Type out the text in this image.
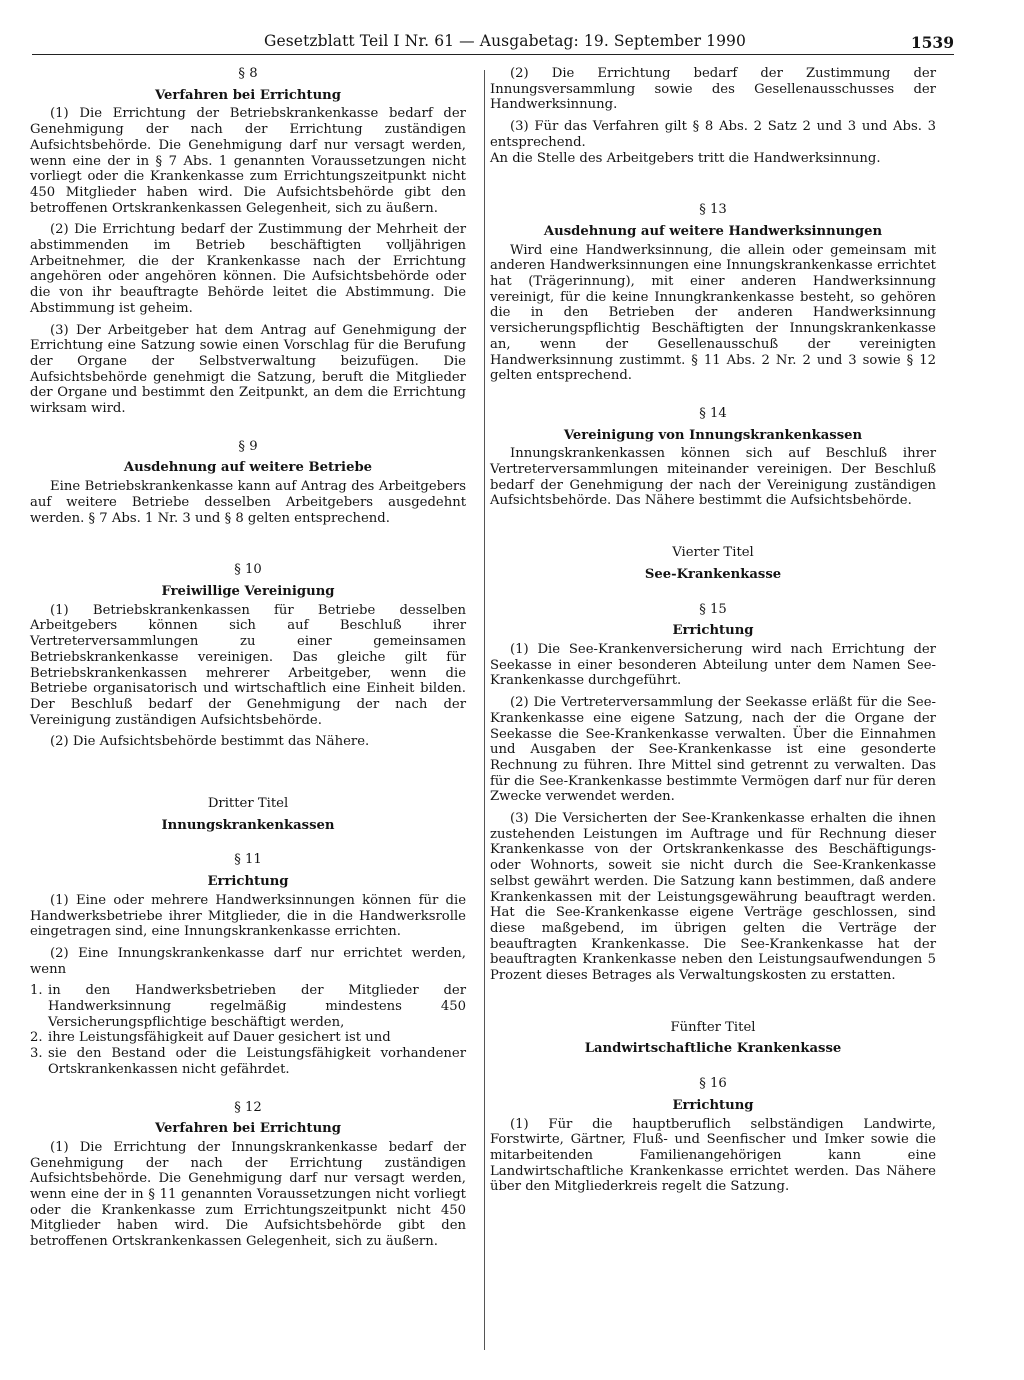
Gesetzblatt Teil I Nr. 61 — Ausgabetag: 19. September 1990	1539
§ 8
Verfahren bei Errichtung

(1) Die Errichtung der Betriebskrankenkasse bedarf der Genehmigung der nach der Errichtung zuständigen Aufsichtsbehörde. Die Genehmigung darf nur versagt werden, wenn eine der in § 7 Abs. 1 genannten Voraussetzungen nicht vorliegt oder die Krankenkasse zum Errichtungszeitpunkt nicht 450 Mitglieder haben wird. Die Aufsichtsbehörde gibt den betroffenen Ortskrankenkassen Gelegenheit, sich zu äußern.

(2) Die Errichtung bedarf der Zustimmung der Mehrheit der abstimmenden im Betrieb beschäftigten volljährigen Arbeitnehmer, die der Krankenkasse nach der Errichtung angehören oder angehören können. Die Aufsichtsbehörde oder die von ihr beauftragte Behörde leitet die Abstimmung. Die Abstimmung ist geheim.

(3) Der Arbeitgeber hat dem Antrag auf Genehmigung der Errichtung eine Satzung sowie einen Vorschlag für die Berufung der Organe der Selbstverwaltung beizufügen. Die Aufsichtsbehörde genehmigt die Satzung, beruft die Mitglieder der Organe und bestimmt den Zeitpunkt, an dem die Errichtung wirksam wird.

§ 9
Ausdehnung auf weitere Betriebe

Eine Betriebskrankenkasse kann auf Antrag des Arbeitgebers auf weitere Betriebe desselben Arbeitgebers ausgedehnt werden. § 7 Abs. 1 Nr. 3 und § 8 gelten entsprechend.

§ 10
Freiwillige Vereinigung

(1) Betriebskrankenkassen für Betriebe desselben Arbeitgebers können sich auf Beschluß ihrer Vertreterversammlungen zu einer gemeinsamen Betriebskrankenkasse vereinigen. Das gleiche gilt für Betriebskrankenkassen mehrerer Arbeitgeber, wenn die Betriebe organisatorisch und wirtschaftlich eine Einheit bilden. Der Beschluß bedarf der Genehmigung der nach der Vereinigung zuständigen Aufsichtsbehörde.

(2) Die Aufsichtsbehörde bestimmt das Nähere.

Dritter Titel
Innungskrankenkassen
§ 11
Errichtung

(1) Eine oder mehrere Handwerksinnungen können für die Handwerksbetriebe ihrer Mitglieder, die in die Handwerksrolle eingetragen sind, eine Innungskrankenkasse errichten.

(2) Eine Innungskrankenkasse darf nur errichtet werden, wenn

1. in den Handwerksbetrieben der Mitglieder der Handwerksinnung regelmäßig mindestens 450 Versicherungspflichtige beschäftigt werden,
2. ihre Leistungsfähigkeit auf Dauer gesichert ist und
3. sie den Bestand oder die Leistungsfähigkeit vorhandener Ortskrankenkassen nicht gefährdet.
§ 12
Verfahren bei Errichtung

(1) Die Errichtung der Innungskrankenkasse bedarf der Genehmigung der nach der Errichtung zuständigen Aufsichtsbehörde. Die Genehmigung darf nur versagt werden, wenn eine der in § 11 genannten Voraussetzungen nicht vorliegt oder die Krankenkasse zum Errichtungszeitpunkt nicht 450 Mitglieder haben wird. Die Aufsichtsbehörde gibt den betroffenen Ortskrankenkassen Gelegenheit, sich zu äußern.

(2) Die Errichtung bedarf der Zustimmung der Innungsversammlung sowie des Gesellenausschusses der Handwerksinnung.

(3) Für das Verfahren gilt § 8 Abs. 2 Satz 2 und 3 und Abs. 3 entsprechend.

An die Stelle des Arbeitgebers tritt die Handwerksinnung.

§ 13
Ausdehnung auf weitere Handwerksinnungen

Wird eine Handwerksinnung, die allein oder gemeinsam mit anderen Handwerksinnungen eine Innungskrankenkasse errichtet hat (Trägerinnung), mit einer anderen Handwerksinnung vereinigt, für die keine Innungkrankenkasse besteht, so gehören die in den Betrieben der anderen Handwerksinnung versicherungspflichtig Beschäftigten der Innungskrankenkasse an, wenn der Gesellenausschuß der vereinigten Handwerksinnung zustimmt. § 11 Abs. 2 Nr. 2 und 3 sowie § 12 gelten entsprechend.

§ 14
Vereinigung von Innungskrankenkassen

Innungskrankenkassen können sich auf Beschluß ihrer Vertreterversammlungen miteinander vereinigen. Der Beschluß bedarf der Genehmigung der nach der Vereinigung zuständigen Aufsichtsbehörde. Das Nähere bestimmt die Aufsichtsbehörde.

Vierter Titel
See-Krankenkasse
§ 15
Errichtung

(1) Die See-Krankenversicherung wird nach Errichtung der Seekasse in einer besonderen Abteilung unter dem Namen See-Krankenkasse durchgeführt.

(2) Die Vertreterversammlung der Seekasse erläßt für die See-Krankenkasse eine eigene Satzung, nach der die Organe der Seekasse die See-Krankenkasse verwalten. Über die Einnahmen und Ausgaben der See-Krankenkasse ist eine gesonderte Rechnung zu führen. Ihre Mittel sind getrennt zu verwalten. Das für die See-Krankenkasse bestimmte Vermögen darf nur für deren Zwecke verwendet werden.

(3) Die Versicherten der See-Krankenkasse erhalten die ihnen zustehenden Leistungen im Auftrage und für Rechnung dieser Krankenkasse von der Ortskrankenkasse des Beschäftigungs- oder Wohnorts, soweit sie nicht durch die See-Krankenkasse selbst gewährt werden. Die Satzung kann bestimmen, daß andere Krankenkassen mit der Leistungsgewährung beauftragt werden. Hat die See-Krankenkasse eigene Verträge geschlossen, sind diese maßgebend, im übrigen gelten die Verträge der beauftragten Krankenkasse. Die See-Krankenkasse hat der beauftragten Krankenkasse neben den Leistungsaufwendungen 5 Prozent dieses Betrages als Verwaltungskosten zu erstatten.

Fünfter Titel
Landwirtschaftliche Krankenkasse
§ 16
Errichtung

(1) Für die hauptberuflich selbständigen Landwirte, Forstwirte, Gärtner, Fluß- und Seenfischer und Imker sowie die mitarbeitenden Familienangehörigen kann eine Landwirtschaftliche Krankenkasse errichtet werden. Das Nähere über den Mitgliederkreis regelt die Satzung.
